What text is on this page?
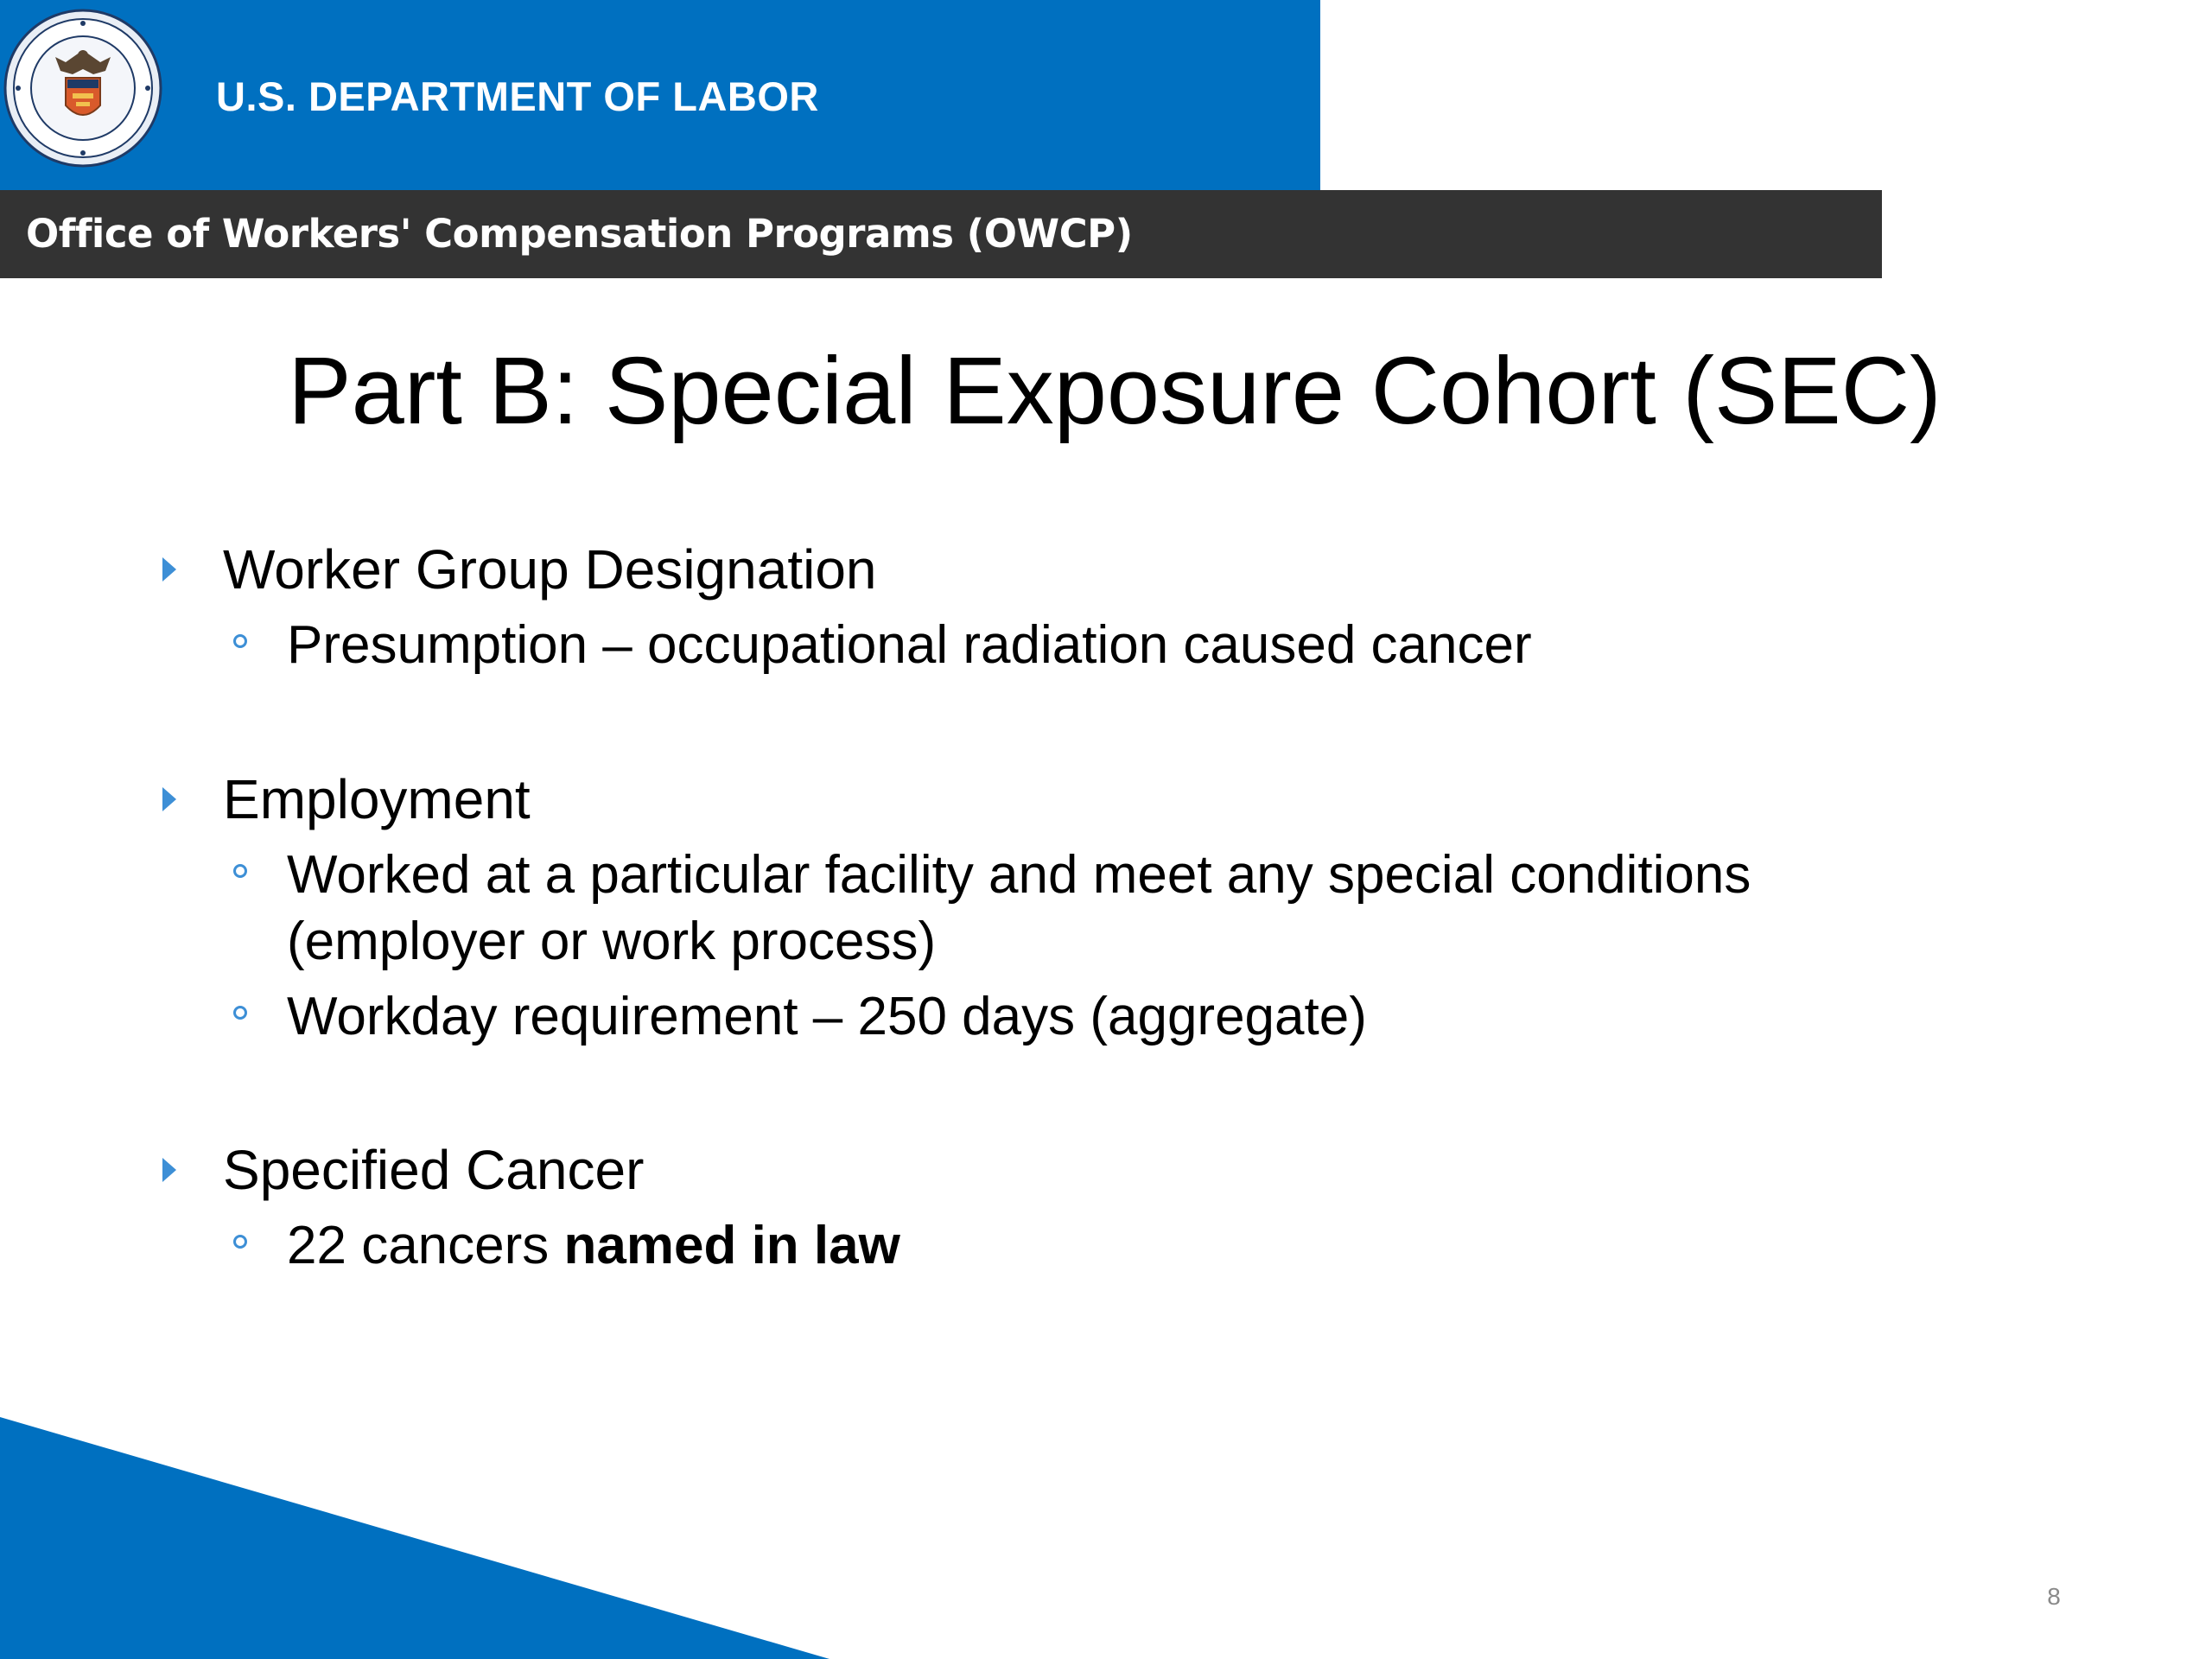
U.S. DEPARTMENT OF LABOR
Office of Workers' Compensation Programs (OWCP)
Part B: Special Exposure Cohort (SEC)
Worker Group Designation
Presumption – occupational radiation caused cancer
Employment
Worked at a particular facility and meet any special conditions
(employer or work process)
Workday requirement – 250 days (aggregate)
Specified Cancer
22 cancers named in law
8
